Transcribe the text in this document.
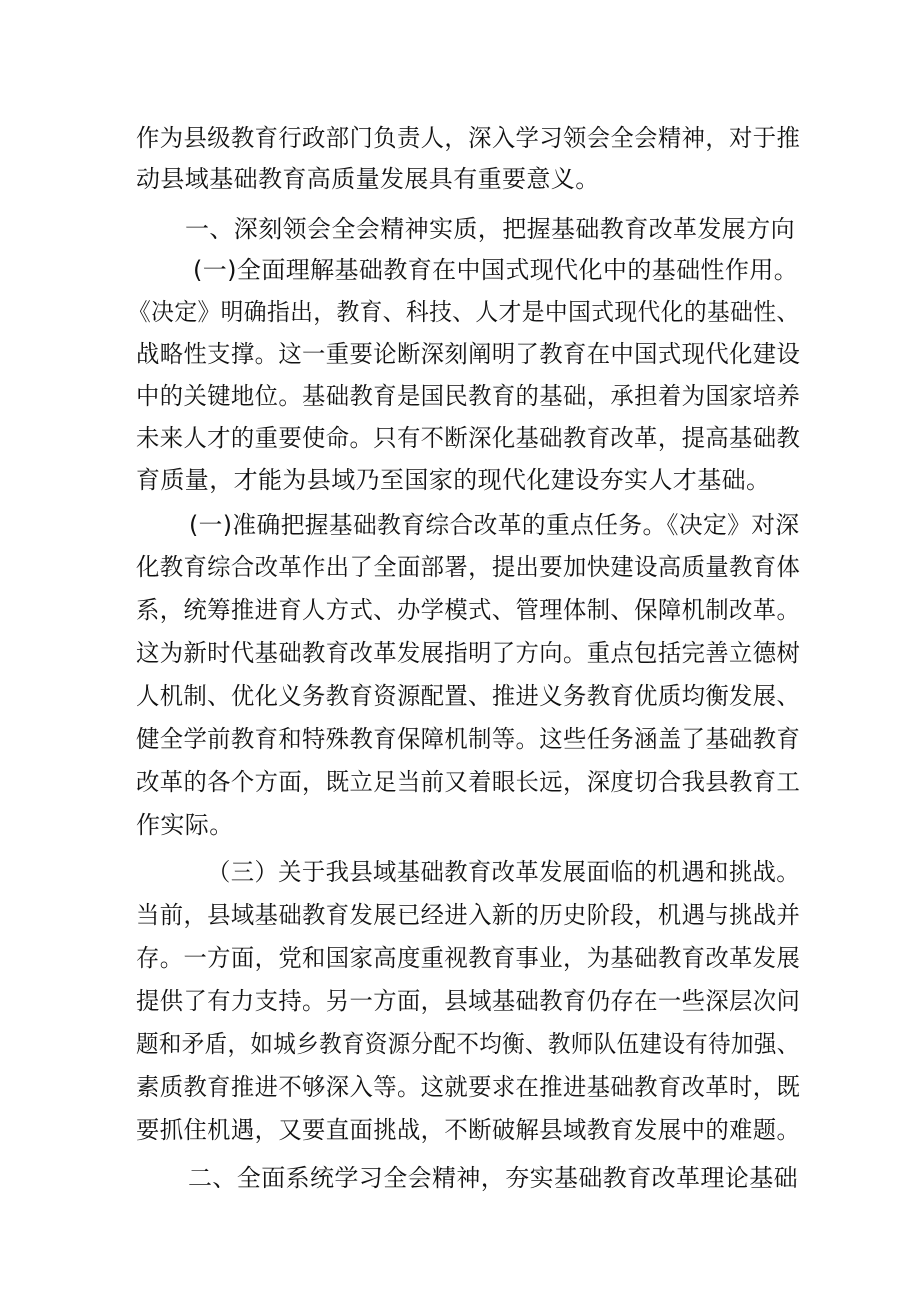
作为县级教育行政部门负责人，深入学习领会全会精神，对于推
动县域基础教育高质量发展具有重要意义。
一、深刻领会全会精神实质，把握基础教育改革发展方向
(一)全面理解基础教育在中国式现代化中的基础性作用。
《决定》明确指出，教育、科技、人才是中国式现代化的基础性、
战略性支撑。这一重要论断深刻阐明了教育在中国式现代化建设
中的关键地位。基础教育是国民教育的基础，承担着为国家培养
未来人才的重要使命。只有不断深化基础教育改革，提高基础教
育质量，才能为县域乃至国家的现代化建设夯实人才基础。
(一)准确把握基础教育综合改革的重点任务。《决定》对深
化教育综合改革作出了全面部署，提出要加快建设高质量教育体
系，统筹推进育人方式、办学模式、管理体制、保障机制改革。
这为新时代基础教育改革发展指明了方向。重点包括完善立德树
人机制、优化义务教育资源配置、推进义务教育优质均衡发展、
健全学前教育和特殊教育保障机制等。这些任务涵盖了基础教育
改革的各个方面，既立足当前又着眼长远，深度切合我县教育工
作实际。
（三）关于我县域基础教育改革发展面临的机遇和挑战。
当前，县域基础教育发展已经进入新的历史阶段，机遇与挑战并
存。一方面，党和国家高度重视教育事业，为基础教育改革发展
提供了有力支持。另一方面，县域基础教育仍存在一些深层次问
题和矛盾，如城乡教育资源分配不均衡、教师队伍建设有待加强、
素质教育推进不够深入等。这就要求在推进基础教育改革时，既
要抓住机遇，又要直面挑战，不断破解县域教育发展中的难题。
二、全面系统学习全会精神，夯实基础教育改革理论基础
